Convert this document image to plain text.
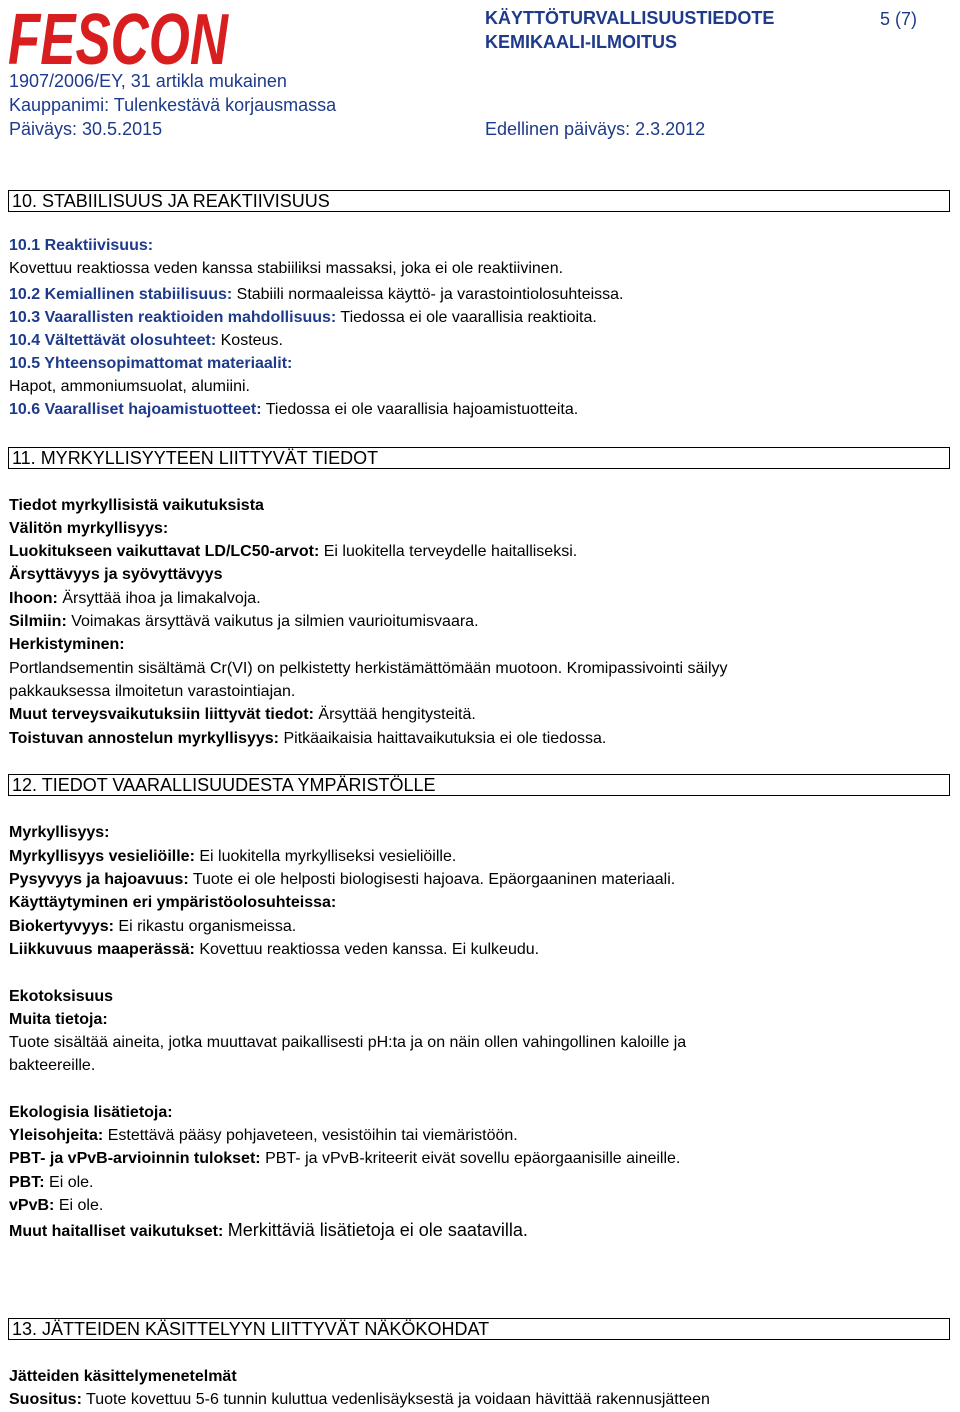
FESCON	KÄYTTÖTURVALLISUUSTIEDOTE
KEMIKAALI-ILMOITUS
5 (7)
1907/2006/EY, 31 artikla mukainen
Kauppanimi: Tulenkestävä korjausmassa
Päiväys: 30.5.2015	Edellinen päiväys: 2.3.2012
10. STABIILISUUS JA REAKTIIVISUUS
10.1 Reaktiivisuus:
Kovettuu reaktiossa veden kanssa stabiiliksi massaksi, joka ei ole reaktiivinen.
10.2 Kemiallinen stabiilisuus: Stabiili normaaleissa käyttö- ja varastointiolosuhteissa.
10.3 Vaarallisten reaktioiden mahdollisuus: Tiedossa ei ole vaarallisia reaktioita.
10.4 Vältettävät olosuhteet: Kosteus.
10.5 Yhteensopimattomat materiaalit:
Hapot, ammoniumsuolat, alumiini.
10.6 Vaaralliset hajoamistuotteet: Tiedossa ei ole vaarallisia hajoamistuotteita.
11. MYRKYLLISYYTEEN LIITTYVÄT TIEDOT
Tiedot myrkyllisistä vaikutuksista
Välitön myrkyllisyys:
Luokitukseen vaikuttavat LD/LC50-arvot: Ei luokitella terveydelle haitalliseksi.
Ärsyttävyys ja syövyttävyys
Ihoon: Ärsyttää ihoa ja limakalvoja.
Silmiin: Voimakas ärsyttävä vaikutus ja silmien vaurioitumisvaara.
Herkistyminen:
Portlandsementin sisältämä Cr(VI) on pelkistetty herkistämättömään muotoon. Kromipassivointi säilyy
pakkauksessa ilmoitetun varastointiajan.
Muut terveysvaikutuksiin liittyvät tiedot: Ärsyttää hengitysteitä.
Toistuvan annostelun myrkyllisyys: Pitkäaikaisia haittavaikutuksia ei ole tiedossa.
12. TIEDOT VAARALLISUUDESTA YMPÄRISTÖLLE
Myrkyllisyys:
Myrkyllisyys vesieliöille: Ei luokitella myrkylliseksi vesieliöille.
Pysyvyys ja hajoavuus: Tuote ei ole helposti biologisesti hajoava. Epäorgaaninen materiaali.
Käyttäytyminen eri ympäristöolosuhteissa:
Biokertyvyys: Ei rikastu organismeissa.
Liikkuvuus maaperässä: Kovettuu reaktiossa veden kanssa. Ei kulkeudu.
Ekotoksisuus
Muita tietoja:
Tuote sisältää aineita, jotka muuttavat paikallisesti pH:ta ja on näin ollen vahingollinen kaloille ja
bakteereille.
Ekologisia lisätietoja:
Yleisohjeita: Estettävä pääsy pohjaveteen, vesistöihin tai viemäristöön.
PBT- ja vPvB-arvioinnin tulokset: PBT- ja vPvB-kriteerit eivät sovellu epäorgaanisille aineille.
PBT: Ei ole.
vPvB: Ei ole.
Muut haitalliset vaikutukset: Merkittäviä lisätietoja ei ole saatavilla.
13. JÄTTEIDEN KÄSITTELYYN LIITTYVÄT NÄKÖKOHDAT
Jätteiden käsittelymenetelmät
Suositus: Tuote kovettuu 5-6 tunnin kuluttua vedenlisäyksestä ja voidaan hävittää rakennusjätteen
